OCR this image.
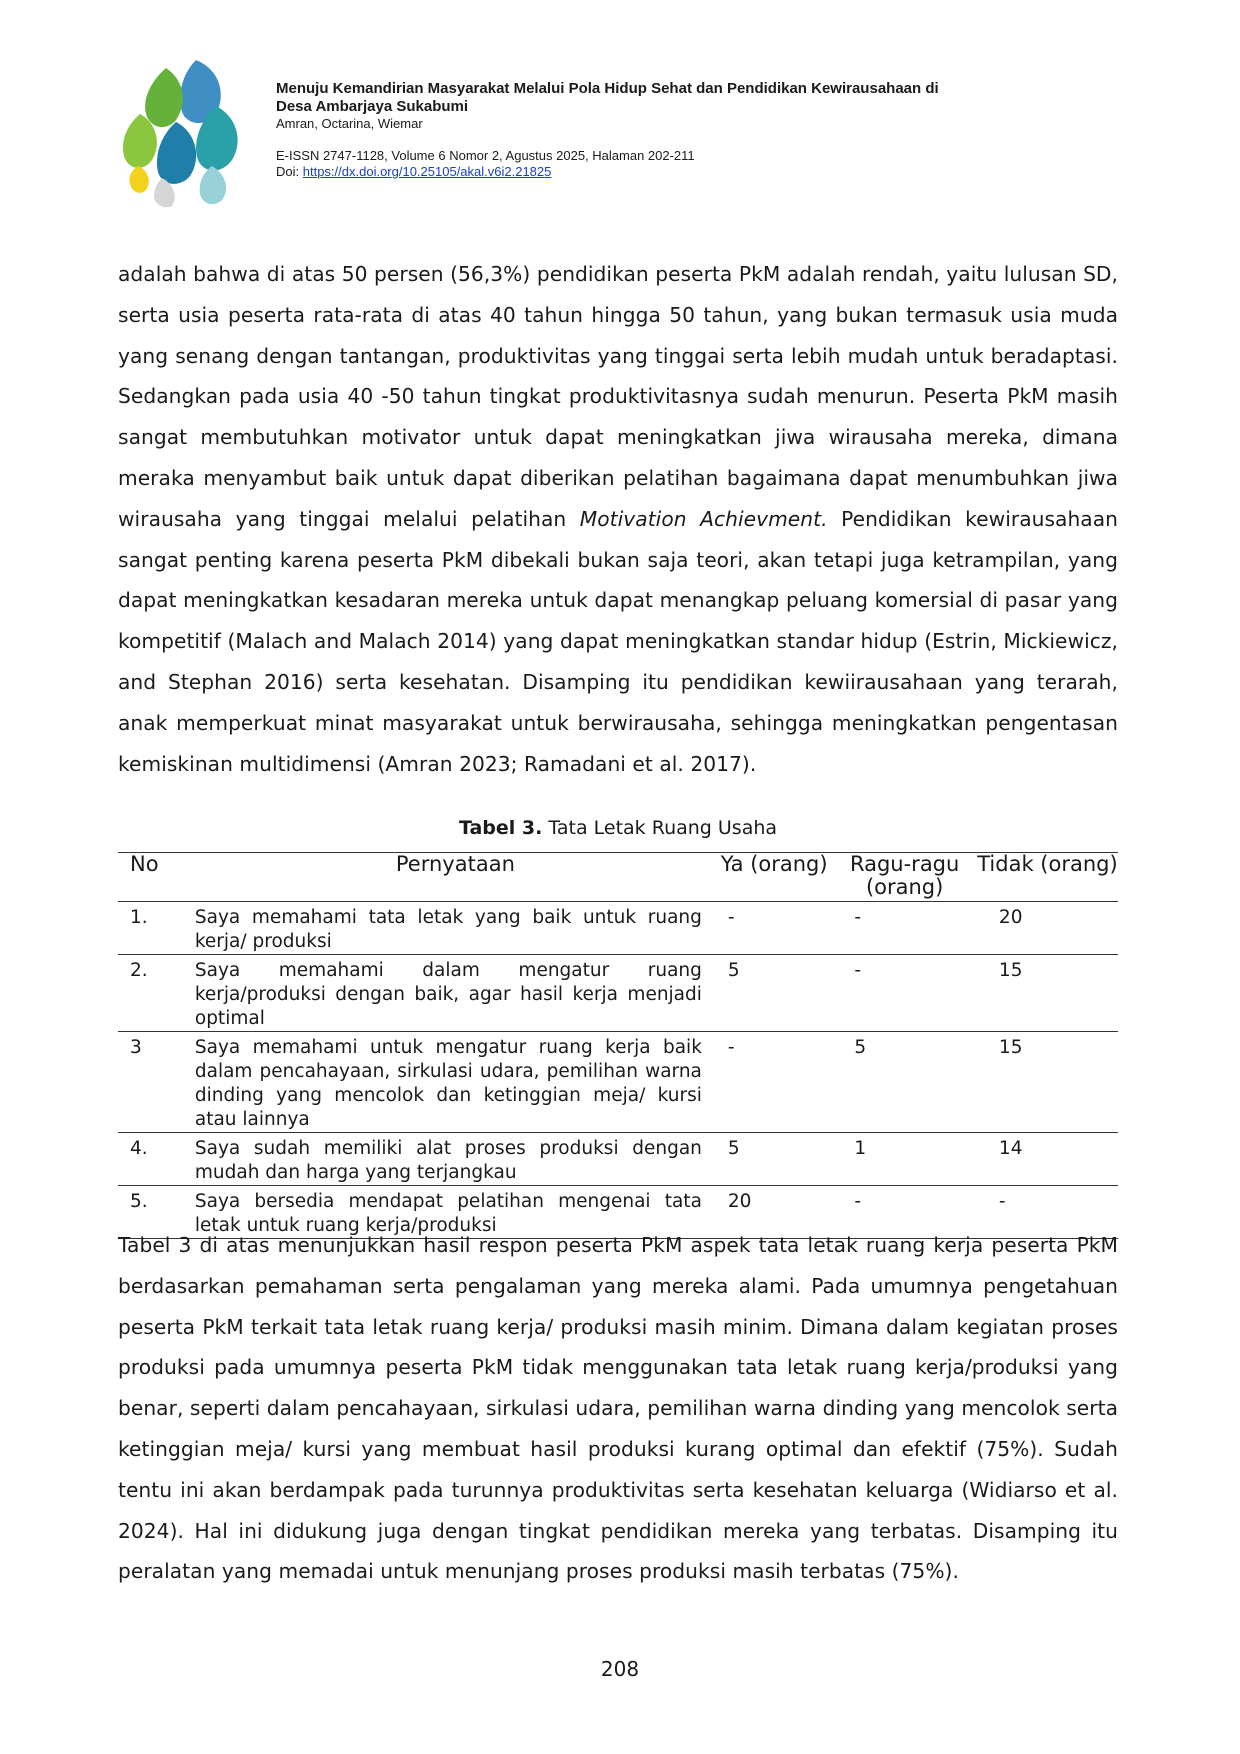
Menuju Kemandirian Masyarakat Melalui Pola Hidup Sehat dan Pendidikan Kewirausahaan di
Desa Ambarjaya Sukabumi
Amran, Octarina, Wiemar
E-ISSN 2747-1128, Volume 6 Nomor 2, Agustus 2025, Halaman 202-211
Doi: https://dx.doi.org/10.25105/akal.v6i2.21825

adalah bahwa di atas 50 persen (56,3%) pendidikan peserta PkM adalah rendah, yaitu lulusan SD, serta usia peserta rata-rata di atas 40 tahun hingga 50 tahun, yang bukan termasuk usia muda yang senang dengan tantangan, produktivitas yang tinggai serta lebih mudah untuk beradaptasi. Sedangkan pada usia 40 -50 tahun tingkat produktivitasnya sudah menurun. Peserta PkM masih sangat membutuhkan motivator untuk dapat meningkatkan jiwa wirausaha mereka, dimana meraka menyambut baik untuk dapat diberikan pelatihan bagaimana dapat menumbuhkan jiwa wirausaha yang tinggai melalui pelatihan Motivation Achievment. Pendidikan kewirausahaan sangat penting karena peserta PkM dibekali bukan saja teori, akan tetapi juga ketrampilan, yang dapat meningkatkan kesadaran mereka untuk dapat menangkap peluang komersial di pasar yang kompetitif (Malach and Malach 2014) yang dapat meningkatkan standar hidup (Estrin, Mickiewicz, and Stephan 2016) serta kesehatan. Disamping itu pendidikan kewiirausahaan yang terarah, anak memperkuat minat masyarakat untuk berwirausaha, sehingga meningkatkan pengentasan kemiskinan multidimensi (Amran 2023; Ramadani et al. 2017).

Tabel 3. Tata Letak Ruang Usaha
No	Pernyataan	Ya (orang)	Ragu-ragu (orang)	Tidak (orang)
1.	Saya memahami tata letak yang baik untuk ruang kerja/ produksi	-	-	20
2.	Saya memahami dalam mengatur ruang kerja/produksi dengan baik, agar hasil kerja menjadi optimal	5	-	15
3	Saya memahami untuk mengatur ruang kerja baik dalam pencahayaan, sirkulasi udara, pemilihan warna dinding yang mencolok dan ketinggian meja/ kursi atau lainnya	-	5	15
4.	Saya sudah memiliki alat proses produksi dengan mudah dan harga yang terjangkau	5	1	14
5.	Saya bersedia mendapat pelatihan mengenai tata letak untuk ruang kerja/produksi	20	-	-

Tabel 3 di atas menunjukkan hasil respon peserta PkM aspek tata letak ruang kerja peserta PkM berdasarkan pemahaman serta pengalaman yang mereka alami. Pada umumnya pengetahuan peserta PkM terkait tata letak ruang kerja/ produksi masih minim. Dimana dalam kegiatan proses produksi pada umumnya peserta PkM tidak menggunakan tata letak ruang kerja/produksi yang benar, seperti dalam pencahayaan, sirkulasi udara, pemilihan warna dinding yang mencolok serta ketinggian meja/ kursi yang membuat hasil produksi kurang optimal dan efektif (75%). Sudah tentu ini akan berdampak pada turunnya produktivitas serta kesehatan keluarga (Widiarso et al. 2024). Hal ini didukung juga dengan tingkat pendidikan mereka yang terbatas. Disamping itu peralatan yang memadai untuk menunjang proses produksi masih terbatas (75%).

208
